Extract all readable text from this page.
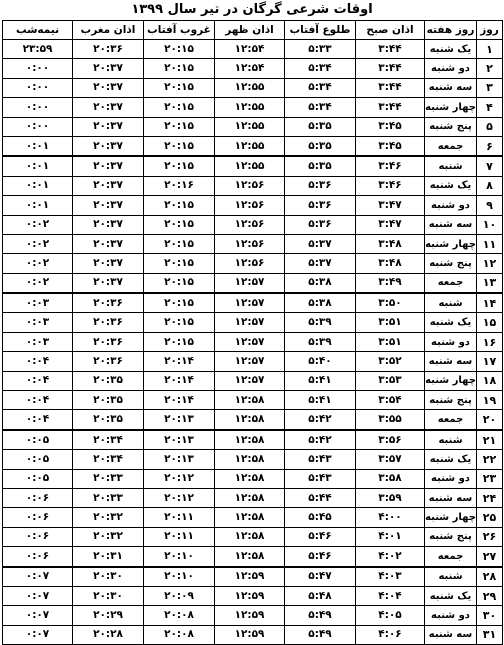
اوقات شرعی گرگان در تیر سال ۱۳۹۹
روز	روز هفته	اذان صبح	طلوع آفتاب	اذان ظهر	غروب آفتاب	اذان مغرب	نیمه‌شب
۱	یک شنبه	۳:۴۴	۵:۳۳	۱۲:۵۴	۲۰:۱۵	۲۰:۳۶	۲۳:۵۹
۲	دو شنبه	۳:۴۴	۵:۳۴	۱۲:۵۴	۲۰:۱۵	۲۰:۳۷	۰:۰۰
۳	سه شنبه	۳:۴۴	۵:۳۴	۱۲:۵۵	۲۰:۱۵	۲۰:۳۷	۰:۰۰
۴	چهار شنبه	۳:۴۴	۵:۳۴	۱۲:۵۵	۲۰:۱۵	۲۰:۳۷	۰:۰۰
۵	پنج شنبه	۳:۴۵	۵:۳۵	۱۲:۵۵	۲۰:۱۵	۲۰:۳۷	۰:۰۰
۶	جمعه	۳:۴۵	۵:۳۵	۱۲:۵۵	۲۰:۱۵	۲۰:۳۷	۰:۰۱
۷	شنبه	۳:۴۶	۵:۳۵	۱۲:۵۵	۲۰:۱۵	۲۰:۳۷	۰:۰۱
۸	یک شنبه	۳:۴۶	۵:۳۶	۱۲:۵۶	۲۰:۱۶	۲۰:۳۷	۰:۰۱
۹	دو شنبه	۳:۴۷	۵:۳۶	۱۲:۵۶	۲۰:۱۵	۲۰:۳۷	۰:۰۱
۱۰	سه شنبه	۳:۴۷	۵:۳۶	۱۲:۵۶	۲۰:۱۵	۲۰:۳۷	۰:۰۲
۱۱	چهار شنبه	۳:۴۸	۵:۳۷	۱۲:۵۶	۲۰:۱۵	۲۰:۳۷	۰:۰۲
۱۲	پنج شنبه	۳:۴۸	۵:۳۷	۱۲:۵۶	۲۰:۱۵	۲۰:۳۷	۰:۰۲
۱۳	جمعه	۳:۴۹	۵:۳۸	۱۲:۵۷	۲۰:۱۵	۲۰:۳۷	۰:۰۲
۱۴	شنبه	۳:۵۰	۵:۳۸	۱۲:۵۷	۲۰:۱۵	۲۰:۳۶	۰:۰۳
۱۵	یک شنبه	۳:۵۱	۵:۳۹	۱۲:۵۷	۲۰:۱۵	۲۰:۳۶	۰:۰۳
۱۶	دو شنبه	۳:۵۱	۵:۳۹	۱۲:۵۷	۲۰:۱۵	۲۰:۳۶	۰:۰۳
۱۷	سه شنبه	۳:۵۲	۵:۴۰	۱۲:۵۷	۲۰:۱۴	۲۰:۳۶	۰:۰۴
۱۸	چهار شنبه	۳:۵۳	۵:۴۱	۱۲:۵۷	۲۰:۱۴	۲۰:۳۵	۰:۰۴
۱۹	پنج شنبه	۳:۵۴	۵:۴۱	۱۲:۵۸	۲۰:۱۴	۲۰:۳۵	۰:۰۴
۲۰	جمعه	۳:۵۵	۵:۴۲	۱۲:۵۸	۲۰:۱۳	۲۰:۳۵	۰:۰۴
۲۱	شنبه	۳:۵۶	۵:۴۲	۱۲:۵۸	۲۰:۱۳	۲۰:۳۴	۰:۰۵
۲۲	یک شنبه	۳:۵۷	۵:۴۳	۱۲:۵۸	۲۰:۱۳	۲۰:۳۴	۰:۰۵
۲۳	دو شنبه	۳:۵۸	۵:۴۳	۱۲:۵۸	۲۰:۱۲	۲۰:۳۳	۰:۰۵
۲۴	سه شنبه	۳:۵۹	۵:۴۴	۱۲:۵۸	۲۰:۱۲	۲۰:۳۳	۰:۰۶
۲۵	چهار شنبه	۴:۰۰	۵:۴۵	۱۲:۵۸	۲۰:۱۱	۲۰:۳۲	۰:۰۶
۲۶	پنج شنبه	۴:۰۱	۵:۴۶	۱۲:۵۸	۲۰:۱۱	۲۰:۳۲	۰:۰۶
۲۷	جمعه	۴:۰۲	۵:۴۶	۱۲:۵۸	۲۰:۱۰	۲۰:۳۱	۰:۰۶
۲۸	شنبه	۴:۰۳	۵:۴۷	۱۲:۵۹	۲۰:۱۰	۲۰:۳۰	۰:۰۷
۲۹	یک شنبه	۴:۰۴	۵:۴۸	۱۲:۵۹	۲۰:۰۹	۲۰:۳۰	۰:۰۷
۳۰	دو شنبه	۴:۰۵	۵:۴۹	۱۲:۵۹	۲۰:۰۸	۲۰:۲۹	۰:۰۷
۳۱	سه شنبه	۴:۰۶	۵:۴۹	۱۲:۵۹	۲۰:۰۸	۲۰:۲۸	۰:۰۷
